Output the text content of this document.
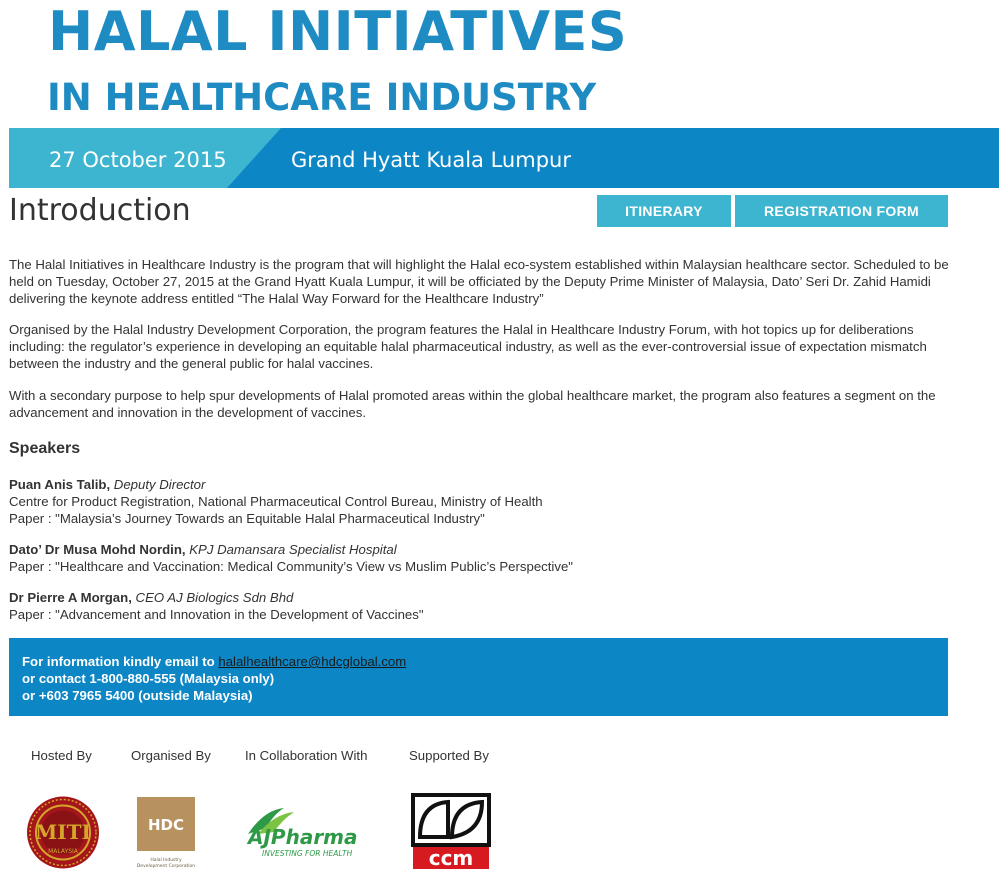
HALAL INITIATIVES
IN HEALTHCARE INDUSTRY
27 October 2015	Grand Hyatt Kuala Lumpur
Introduction	ITINERARY	REGISTRATION FORM

The Halal Initiatives in Healthcare Industry is the program that will highlight the Halal eco-system established within Malaysian healthcare sector. Scheduled to be held on Tuesday, October 27, 2015 at the Grand Hyatt Kuala Lumpur, it will be officiated by the Deputy Prime Minister of Malaysia, Dato’ Seri Dr. Zahid Hamidi delivering the keynote address entitled “The Halal Way Forward for the Healthcare Industry”

Organised by the Halal Industry Development Corporation, the program features the Halal in Healthcare Industry Forum, with hot topics up for deliberations including: the regulator’s experience in developing an equitable halal pharmaceutical industry, as well as the ever-controversial issue of expectation mismatch between the industry and the general public for halal vaccines.

With a secondary purpose to help spur developments of Halal promoted areas within the global healthcare market, the program also features a segment on the advancement and innovation in the development of vaccines.

Speakers
Puan Anis Talib, Deputy Director
Centre for Product Registration, National Pharmaceutical Control Bureau, Ministry of Health
Paper : "Malaysia’s Journey Towards an Equitable Halal Pharmaceutical Industry"
Dato’ Dr Musa Mohd Nordin, KPJ Damansara Specialist Hospital
Paper : "Healthcare and Vaccination: Medical Community’s View vs Muslim Public’s Perspective"
Dr Pierre A Morgan, CEO AJ Biologics Sdn Bhd
Paper : "Advancement and Innovation in the Development of Vaccines"
For information kindly email to halalhealthcare@hdcglobal.com
or contact 1-800-880-555 (Malaysia only)
or +603 7965 5400 (outside Malaysia)
Hosted By	Organised By	In Collaboration With	Supported By
MITI
MALAYSIA
HDC
Halal Industry
Development Corporation
AJPharma
INVESTING FOR HEALTH	ccm
